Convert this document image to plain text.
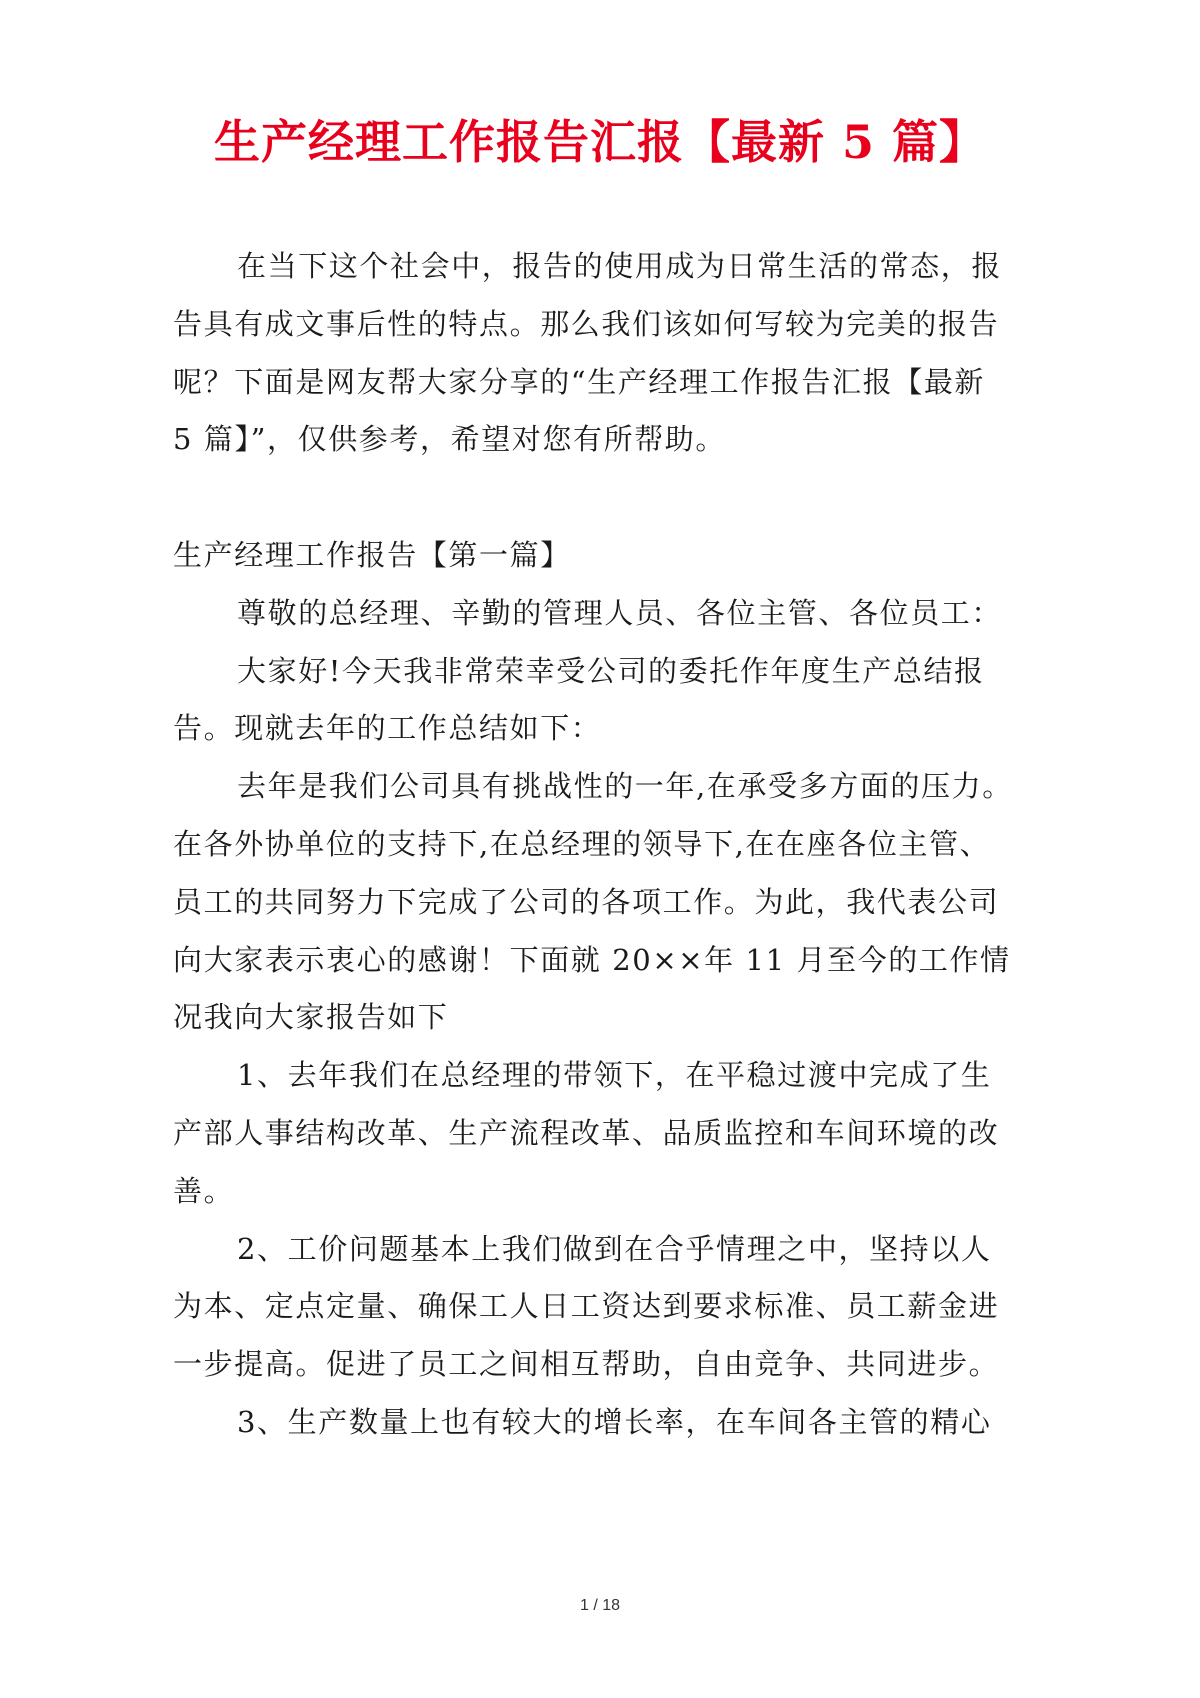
生产经理工作报告汇报【最新 5 篇】
在当下这个社会中，报告的使用成为日常生活的常态，报
告具有成文事后性的特点。那么我们该如何写较为完美的报告
呢？下面是网友帮大家分享的“生产经理工作报告汇报【最新
5 篇】”，仅供参考，希望对您有所帮助。
生产经理工作报告【第一篇】
尊敬的总经理、辛勤的管理人员、各位主管、各位员工：
大家好!今天我非常荣幸受公司的委托作年度生产总结报
告。现就去年的工作总结如下：
去年是我们公司具有挑战性的一年,在承受多方面的压力。
在各外协单位的支持下,在总经理的领导下,在在座各位主管、
员工的共同努力下完成了公司的各项工作。为此，我代表公司
向大家表示衷心的感谢！下面就 20××年 11 月至今的工作情
况我向大家报告如下
1、去年我们在总经理的带领下，在平稳过渡中完成了生
产部人事结构改革、生产流程改革、品质监控和车间环境的改
善。
2、工价问题基本上我们做到在合乎情理之中，坚持以人
为本、定点定量、确保工人日工资达到要求标准、员工薪金进
一步提高。促进了员工之间相互帮助，自由竞争、共同进步。
3、生产数量上也有较大的增长率，在车间各主管的精心
1 / 18
